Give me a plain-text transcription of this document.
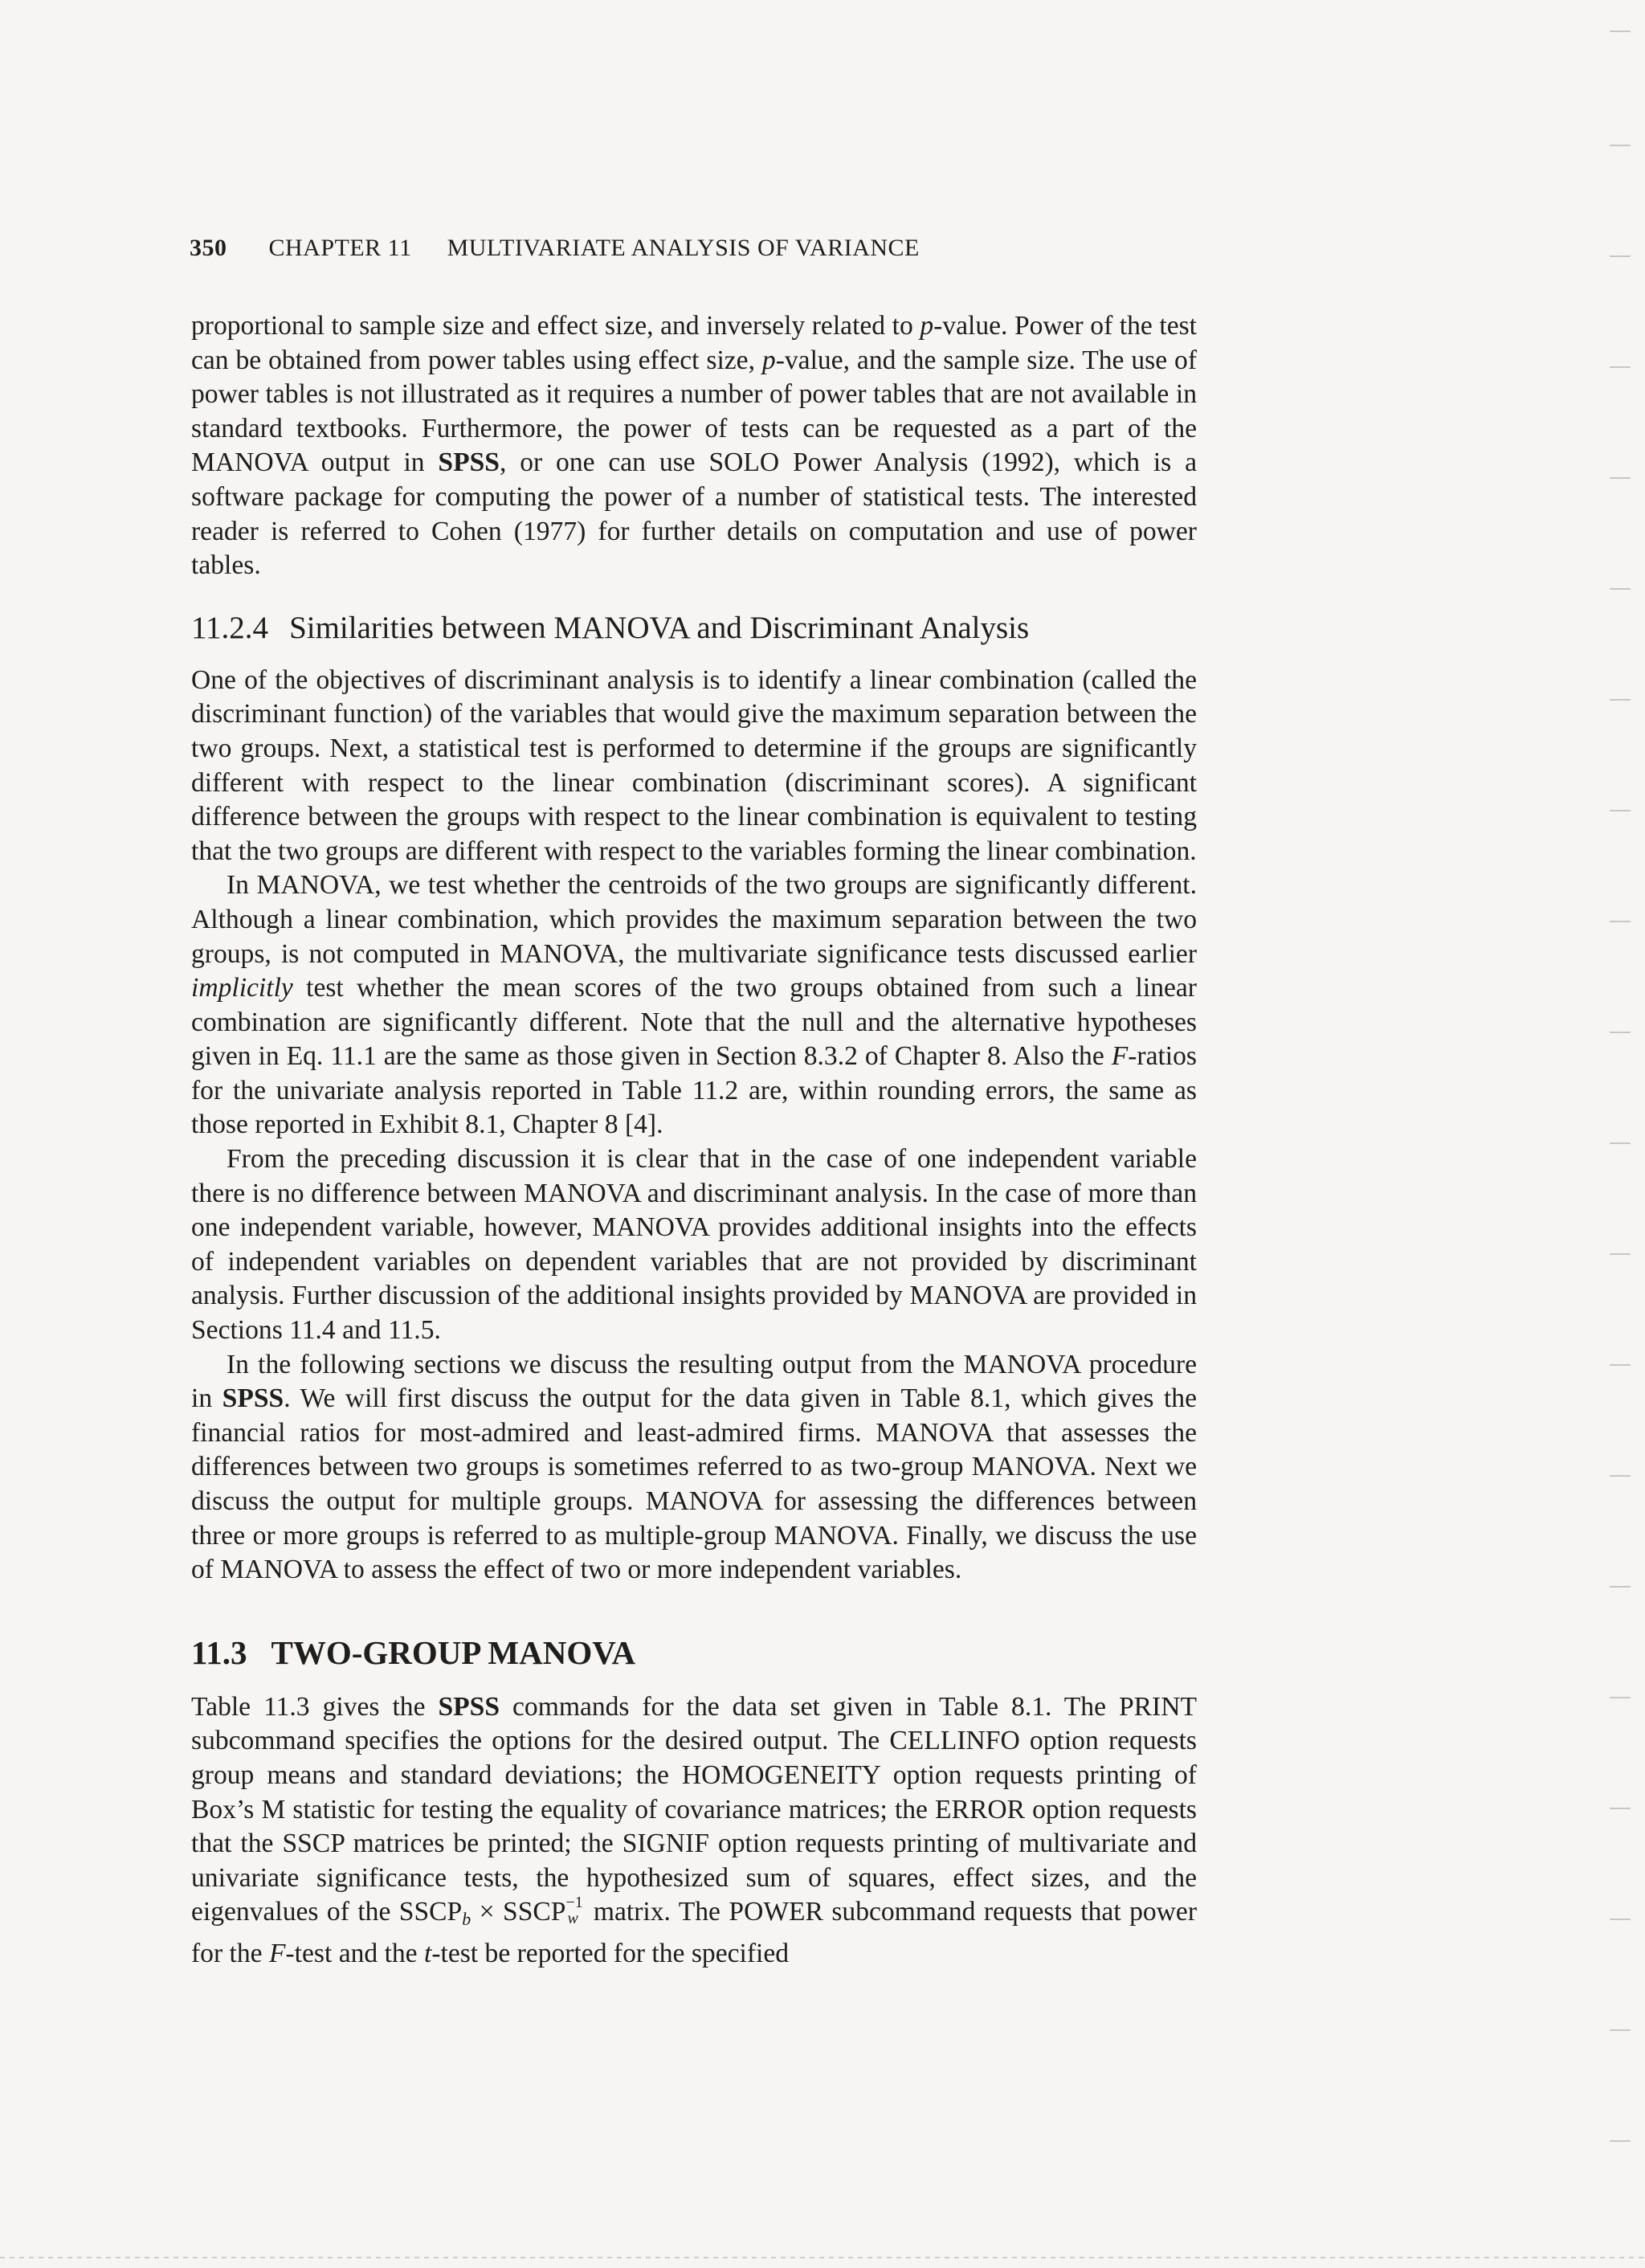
350 CHAPTER 11 MULTIVARIATE ANALYSIS OF VARIANCE

proportional to sample size and effect size, and inversely related to p-value. Power of the test can be obtained from power tables using effect size, p-value, and the sample size. The use of power tables is not illustrated as it requires a number of power tables that are not available in standard textbooks. Furthermore, the power of tests can be requested as a part of the MANOVA output in SPSS, or one can use SOLO Power Analysis (1992), which is a software package for computing the power of a number of statistical tests. The interested reader is referred to Cohen (1977) for further details on computation and use of power tables.

11.2.4 Similarities between MANOVA and Discriminant Analysis

One of the objectives of discriminant analysis is to identify a linear combination (called the discriminant function) of the variables that would give the maximum separation between the two groups. Next, a statistical test is performed to determine if the groups are significantly different with respect to the linear combination (discriminant scores). A significant difference between the groups with respect to the linear combination is equivalent to testing that the two groups are different with respect to the variables forming the linear combination.

In MANOVA, we test whether the centroids of the two groups are significantly different. Although a linear combination, which provides the maximum separation between the two groups, is not computed in MANOVA, the multivariate significance tests discussed earlier implicitly test whether the mean scores of the two groups obtained from such a linear combination are significantly different. Note that the null and the alternative hypotheses given in Eq. 11.1 are the same as those given in Section 8.3.2 of Chapter 8. Also the F-ratios for the univariate analysis reported in Table 11.2 are, within rounding errors, the same as those reported in Exhibit 8.1, Chapter 8 [4].

From the preceding discussion it is clear that in the case of one independent variable there is no difference between MANOVA and discriminant analysis. In the case of more than one independent variable, however, MANOVA provides additional insights into the effects of independent variables on dependent variables that are not provided by discriminant analysis. Further discussion of the additional insights provided by MANOVA are provided in Sections 11.4 and 11.5.

In the following sections we discuss the resulting output from the MANOVA procedure in SPSS. We will first discuss the output for the data given in Table 8.1, which gives the financial ratios for most-admired and least-admired firms. MANOVA that assesses the differences between two groups is sometimes referred to as two-group MANOVA. Next we discuss the output for multiple groups. MANOVA for assessing the differences between three or more groups is referred to as multiple-group MANOVA. Finally, we discuss the use of MANOVA to assess the effect of two or more independent variables.

11.3 TWO-GROUP MANOVA

Table 11.3 gives the SPSS commands for the data set given in Table 8.1. The PRINT subcommand specifies the options for the desired output. The CELLINFO option requests group means and standard deviations; the HOMOGENEITY option requests printing of Box’s M statistic for testing the equality of covariance matrices; the ERROR option requests that the SSCP matrices be printed; the SIGNIF option requests printing of multivariate and univariate significance tests, the hypothesized sum of squares, effect sizes, and the eigenvalues of the $SSCP_b$ × SSCP −1
w matrix. The POWER subcommand requests that power for the F-test and the t-test be reported for the specified
